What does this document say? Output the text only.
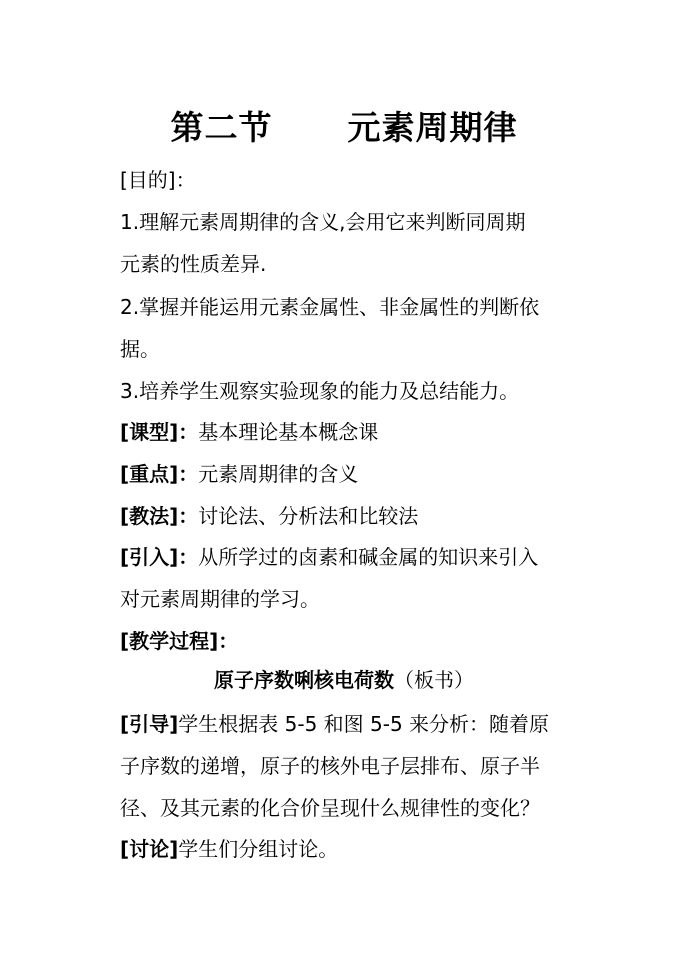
第二节      元素周期律
[目的]：
1.理解元素周期律的含义,会用它来判断同周期
元素的性质差异.
2.掌握并能运用元素金属性、非金属性的判断依
据。
3.培养学生观察实验现象的能力及总结能力。
[课型]：基本理论基本概念课
[重点]：元素周期律的含义
[教法]：讨论法、分析法和比较法
[引入]：从所学过的卤素和碱金属的知识来引入
对元素周期律的学习。
[教学过程]：
原子序数唎核电荷数（板书）
[引导]学生根据表 5-5 和图 5-5 来分析：随着原
子序数的递增，原子的核外电子层排布、原子半
径、及其元素的化合价呈现什么规律性的变化？
[讨论]学生们分组讨论。
